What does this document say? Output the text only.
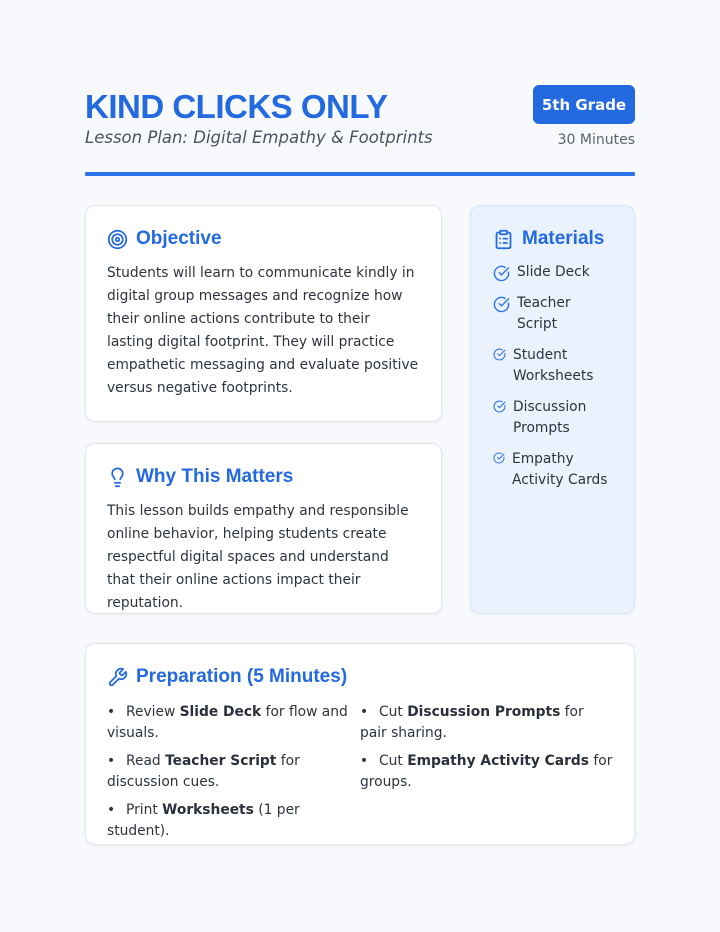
KIND CLICKS ONLY
Lesson Plan: Digital Empathy & Footprints
5th Grade
30 Minutes
Objective

Students will learn to communicate kindly in digital group messages and recognize how their online actions contribute to their lasting digital footprint. They will practice empathetic messaging and evaluate positive versus negative footprints.

Why This Matters

This lesson builds empathy and responsible online behavior, helping students create respectful digital spaces and understand that their online actions impact their reputation.

Materials
Slide Deck
Teacher Script
Student Worksheets
Discussion Prompts
Empathy Activity Cards
Preparation (5 Minutes)
• Review Slide Deck for flow and visuals.
• Read Teacher Script for discussion cues.
• Print Worksheets (1 per student).
• Cut Discussion Prompts for pair sharing.
• Cut Empathy Activity Cards for groups.
